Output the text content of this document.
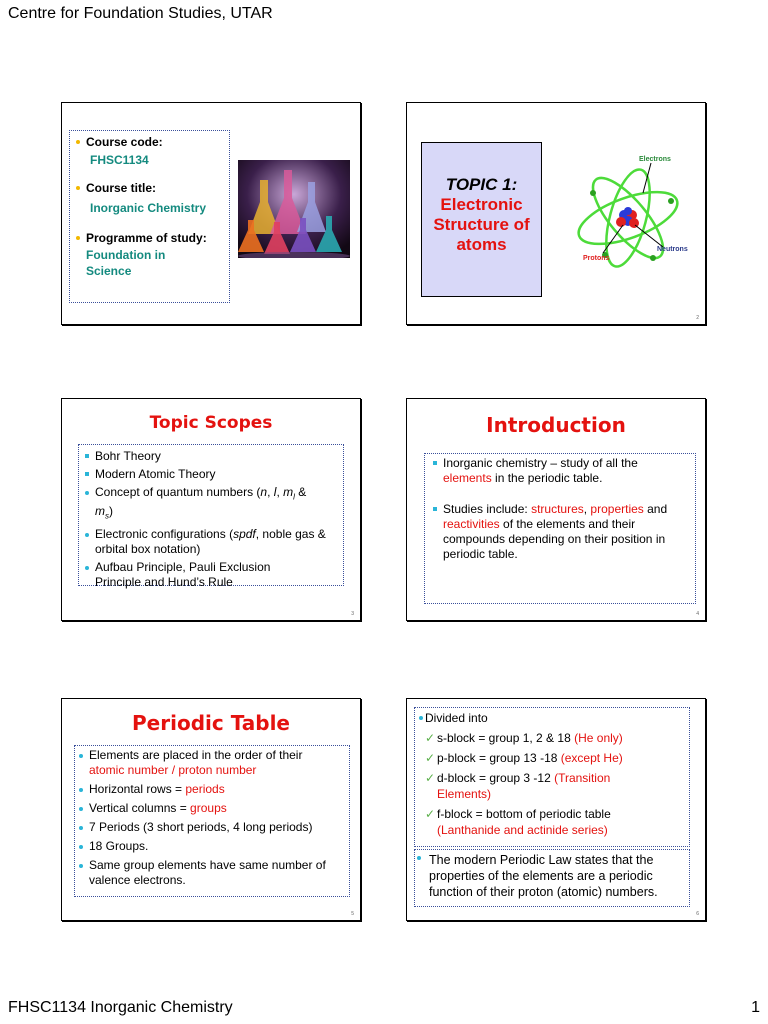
Centre for Foundation Studies, UTAR
Course code:
FHSC1134
Course title:
Inorganic Chemistry
Programme of study:
Foundation in
Science
TOPIC 1:
Electronic
Structure of
atoms
Electrons
Neutrons
Protons
2
Topic Scopes
Bohr Theory
Modern Atomic Theory
Concept of quantum numbers (n, l, $m_l$ &
$m_s$)
Electronic configurations (spdf, noble gas & orbital box notation)
Aufbau Principle, Pauli Exclusion
Principle and Hund’s Rule
3
Introduction
Inorganic chemistry – study of all the
elements in the periodic table.
Studies include: structures, properties and
reactivities of the elements and their compounds depending on their position in periodic table.
4
Periodic Table
Elements are placed in the order of their
atomic number / proton number
Horizontal rows = periods
Vertical columns = groups
7 Periods (3 short periods, 4 long periods)
18 Groups.
Same group elements have same number of valence electrons.
5
Divided into
✓ s-block = group 1, 2 & 18 (He only)
✓ p-block = group 13 -18 (except He)
✓ d-block = group 3 -12 (Transition
Elements)
✓ f-block = bottom of periodic table
(Lanthanide and actinide series)
The modern Periodic Law states that the properties of the elements are a periodic function of their proton (atomic) numbers.
6
FHSC1134 Inorganic Chemistry	1
